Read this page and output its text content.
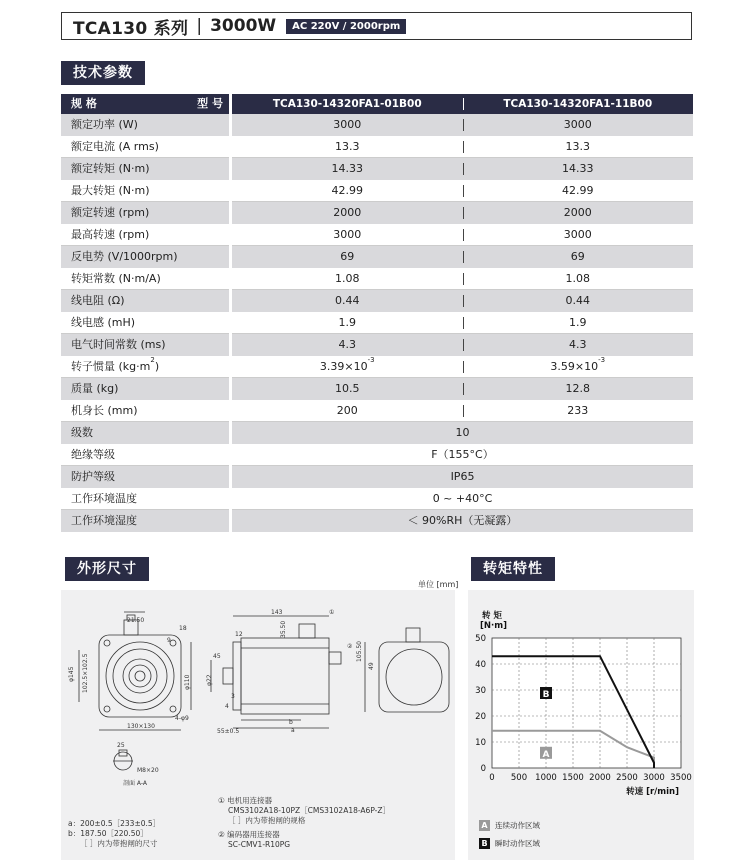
TCA130 系列 | 3000W	AC 220V / 2000rpm
技术参数
规 格	型 号	TCA130-14320FA1-01B00	TCA130-14320FA1-11B00
额定功率 (W)	3000	3000
额定电流 (A rms)	13.3	13.3
额定转矩 (N·m)	14.33	14.33
最大转矩 (N·m)	42.99	42.99
额定转速 (rpm)	2000	2000
最高转速 (rpm)	3000	3000
反电势 (V/1000rpm)	69	69
转矩常数 (N·m/A)	1.08	1.08
线电阻 (Ω)	0.44	0.44
线电感 (mH)	1.9	1.9
电气时间常数 (ms)	4.3	4.3
转子惯量 $(kg\cdot m^2)$	$3.39\times 10^{-3}$	$3.59\times 10^{-3}$
质量 (kg)	10.5	12.8
机身长 (mm)	200	233
级数	10
绝缘等级	F（155°C）
防护等级	IP65
工作环境温度	0 ~ +40°C
工作环境湿度	＜ 90%RH（无凝露）
外形尺寸
单位 [mm]
21.50
9
φ145 102.5×102.5
130×130
4-φ9
143
35.50
12
45
4
55±0.5
105.50
49
3
a
b
25
M8×20
φ110	φ22
18
①
②
剖面 A-A
① 电机用连接器
CMS3102A18-10PZ［CMS3102A18-A6P-Z］
［ ］内为带抱闸的规格
② 编码器用连接器
SC-CMV1-R10PG
a：200±0.5［233±0.5］
b：187.50［220.50］
［ ］内为带抱闸的尺寸
转矩特性
0 500 1000 1500 2000 2500 3000 3500
0
10
20
30
40
50
转 矩
[N·m]
转速 [r/min]
B
A
A 连续动作区域
B 瞬时动作区域
